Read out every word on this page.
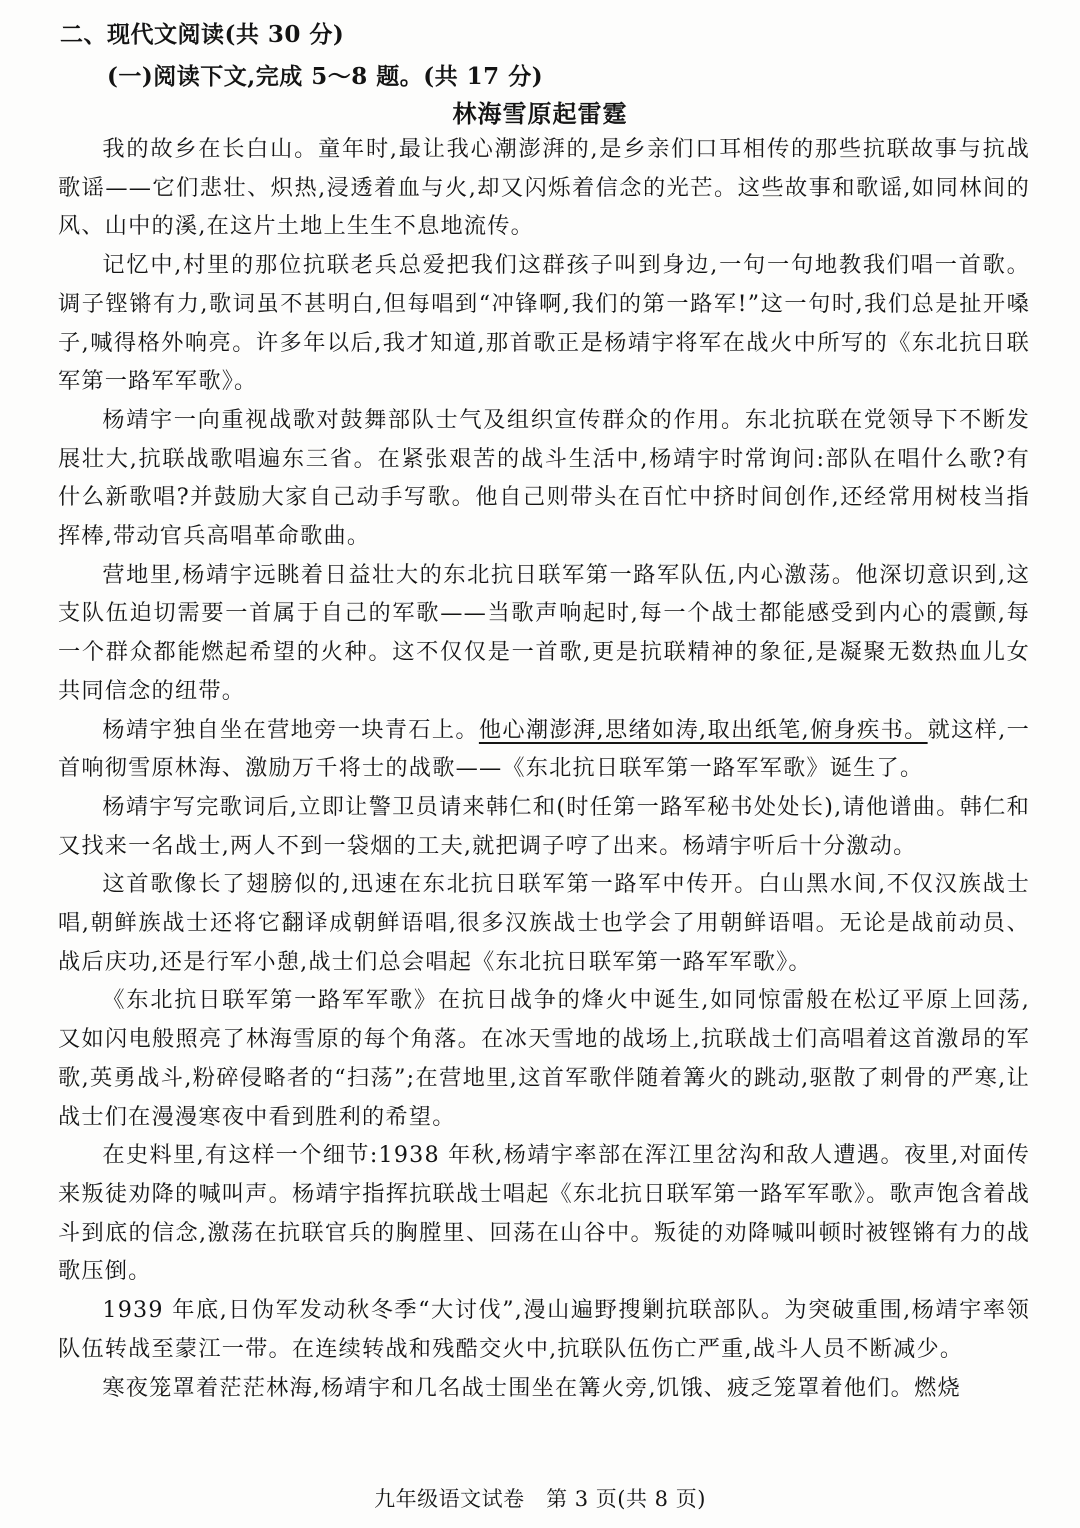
二、现代文阅读(共 30 分)
(一)阅读下文,完成 5～8 题。(共 17 分)
林海雪原起雷霆

我的故乡在长白山。童年时,最让我心潮澎湃的,是乡亲们口耳相传的那些抗联故事与抗战歌谣——它们悲壮、炽热,浸透着血与火,却又闪烁着信念的光芒。这些故事和歌谣,如同林间的风、山中的溪,在这片土地上生生不息地流传。

记忆中,村里的那位抗联老兵总爱把我们这群孩子叫到身边,一句一句地教我们唱一首歌。调子铿锵有力,歌词虽不甚明白,但每唱到“冲锋啊,我们的第一路军!”这一句时,我们总是扯开嗓子,喊得格外响亮。许多年以后,我才知道,那首歌正是杨靖宇将军在战火中所写的《东北抗日联军第一路军军歌》。

杨靖宇一向重视战歌对鼓舞部队士气及组织宣传群众的作用。东北抗联在党领导下不断发展壮大,抗联战歌唱遍东三省。在紧张艰苦的战斗生活中,杨靖宇时常询问:部队在唱什么歌?有什么新歌唱?并鼓励大家自己动手写歌。他自己则带头在百忙中挤时间创作,还经常用树枝当指挥棒,带动官兵高唱革命歌曲。

营地里,杨靖宇远眺着日益壮大的东北抗日联军第一路军队伍,内心激荡。他深切意识到,这支队伍迫切需要一首属于自己的军歌——当歌声响起时,每一个战士都能感受到内心的震颤,每一个群众都能燃起希望的火种。这不仅仅是一首歌,更是抗联精神的象征,是凝聚无数热血儿女共同信念的纽带。

杨靖宇独自坐在营地旁一块青石上。他心潮澎湃,思绪如涛,取出纸笔,俯身疾书。就这样,一首响彻雪原林海、激励万千将士的战歌——《东北抗日联军第一路军军歌》诞生了。

杨靖宇写完歌词后,立即让警卫员请来韩仁和(时任第一路军秘书处处长),请他谱曲。韩仁和又找来一名战士,两人不到一袋烟的工夫,就把调子哼了出来。杨靖宇听后十分激动。

这首歌像长了翅膀似的,迅速在东北抗日联军第一路军中传开。白山黑水间,不仅汉族战士唱,朝鲜族战士还将它翻译成朝鲜语唱,很多汉族战士也学会了用朝鲜语唱。无论是战前动员、战后庆功,还是行军小憩,战士们总会唱起《东北抗日联军第一路军军歌》。

《东北抗日联军第一路军军歌》在抗日战争的烽火中诞生,如同惊雷般在松辽平原上回荡,又如闪电般照亮了林海雪原的每个角落。在冰天雪地的战场上,抗联战士们高唱着这首激昂的军歌,英勇战斗,粉碎侵略者的“扫荡”;在营地里,这首军歌伴随着篝火的跳动,驱散了刺骨的严寒,让战士们在漫漫寒夜中看到胜利的希望。

在史料里,有这样一个细节:1938 年秋,杨靖宇率部在浑江里岔沟和敌人遭遇。夜里,对面传来叛徒劝降的喊叫声。杨靖宇指挥抗联战士唱起《东北抗日联军第一路军军歌》。歌声饱含着战斗到底的信念,激荡在抗联官兵的胸膛里、回荡在山谷中。叛徒的劝降喊叫顿时被铿锵有力的战歌压倒。

1939 年底,日伪军发动秋冬季“大讨伐”,漫山遍野搜剿抗联部队。为突破重围,杨靖宇率领队伍转战至蒙江一带。在连续转战和残酷交火中,抗联队伍伤亡严重,战斗人员不断减少。

寒夜笼罩着茫茫林海,杨靖宇和几名战士围坐在篝火旁,饥饿、疲乏笼罩着他们。燃烧

九年级语文试卷　第 3 页(共 8 页)
